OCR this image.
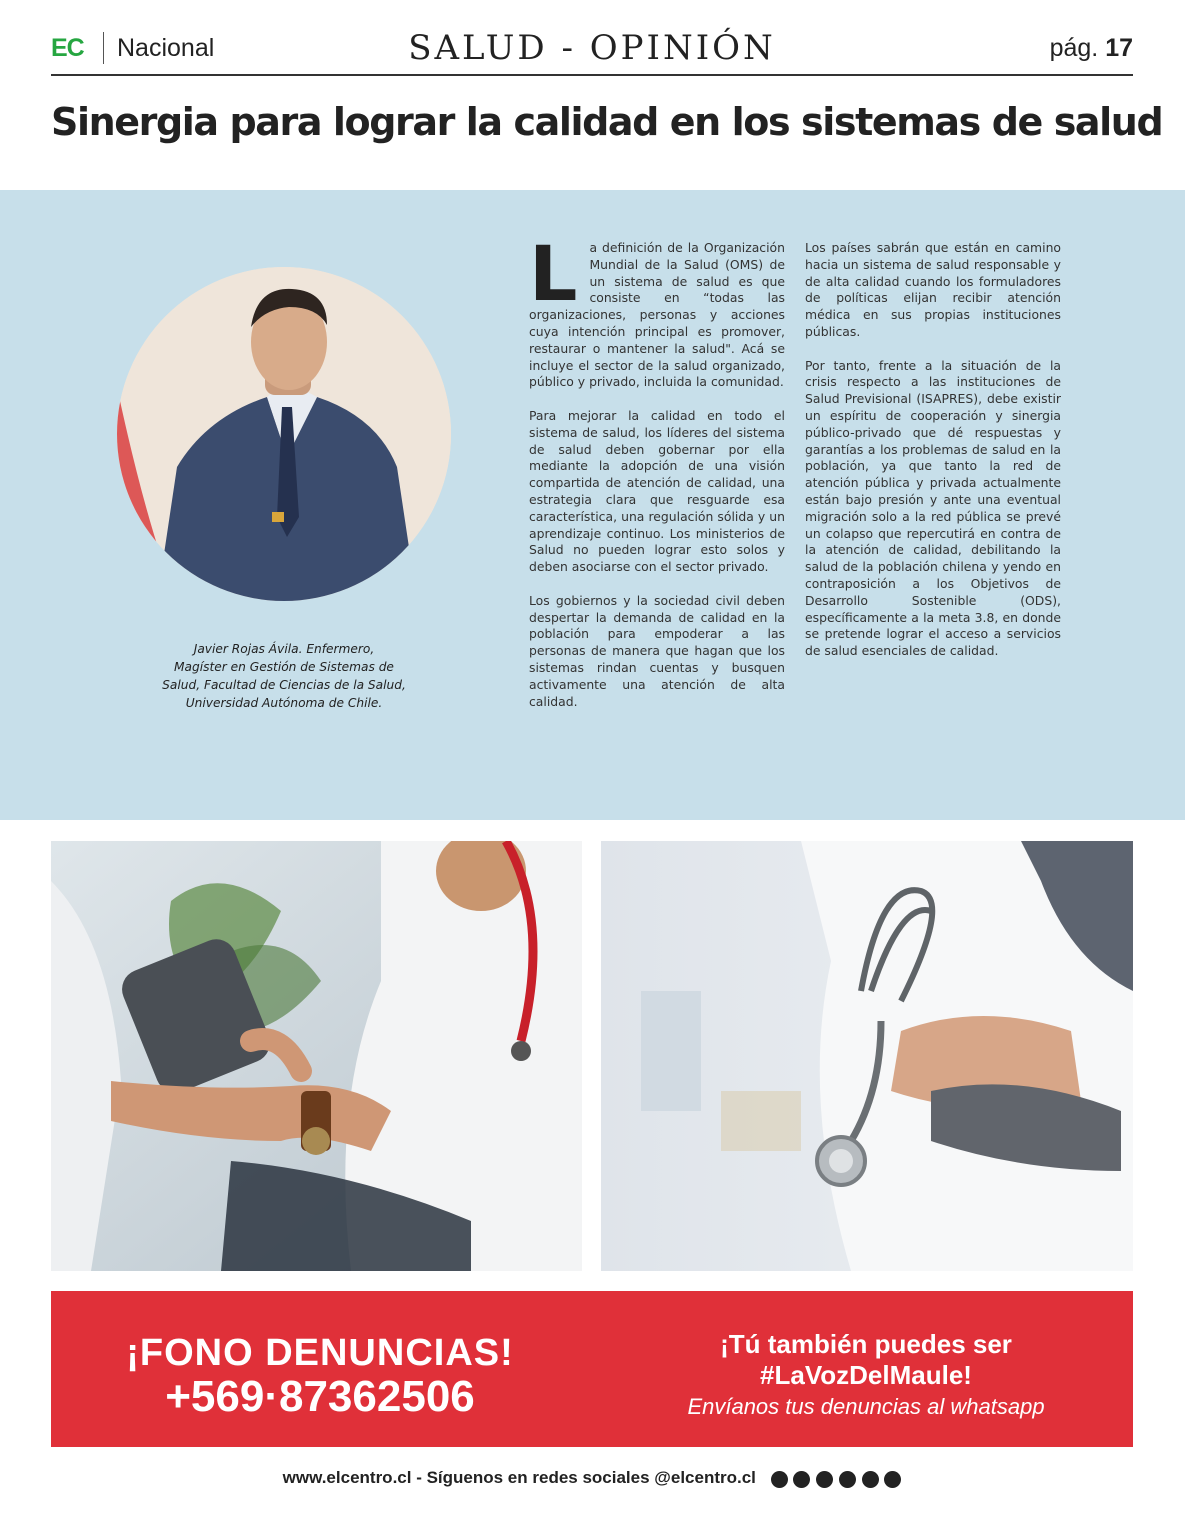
EC Nacional	SALUD - OPINIÓN	pág. 17
Sinergia para lograr la calidad en los sistemas de salud
Javier Rojas Ávila. Enfermero,
Magíster en Gestión de Sistemas de
Salud, Facultad de Ciencias de la Salud,
Universidad Autónoma de Chile.

La definición de la Organización Mundial de la Salud (OMS) de un sistema de salud es que consiste en “todas las organizaciones, personas y acciones cuya intención principal es promover, restaurar o mantener la salud". Acá se incluye el sector de la salud organizado, público y privado, incluida la comunidad.

Para mejorar la calidad en todo el sistema de salud, los líderes del sistema de salud deben gobernar por ella mediante la adopción de una visión compartida de atención de calidad, una estrategia clara que resguarde esa característica, una regulación sólida y un aprendizaje continuo. Los ministerios de Salud no pueden lograr esto solos y deben asociarse con el sector privado.

Los gobiernos y la sociedad civil deben despertar la demanda de calidad en la población para empoderar a las personas de manera que hagan que los sistemas rindan cuentas y busquen activamente una atención de alta calidad.

Los países sabrán que están en camino hacia un sistema de salud responsable y de alta calidad cuando los formuladores de políticas elijan recibir atención médica en sus propias instituciones públicas.

Por tanto, frente a la situación de la crisis respecto a las instituciones de Salud Previsional (ISAPRES), debe existir un espíritu de cooperación y sinergia público-privado que dé respuestas y garantías a los problemas de salud en la población, ya que tanto la red de atención pública y privada actualmente están bajo presión y ante una eventual migración solo a la red pública se prevé un colapso que repercutirá en contra de la atención de calidad, debilitando la salud de la población chilena y yendo en contraposición a los Objetivos de Desarrollo Sostenible (ODS), específicamente a la meta 3.8, en donde se pretende lograr el acceso a servicios de salud esenciales de calidad.

¡FONO DENUNCIAS!
+569·87362506
¡Tú también puedes ser
#LaVozDelMaule!
Envíanos tus denuncias al whatsapp
www.elcentro.cl - Síguenos en redes sociales @elcentro.cl
